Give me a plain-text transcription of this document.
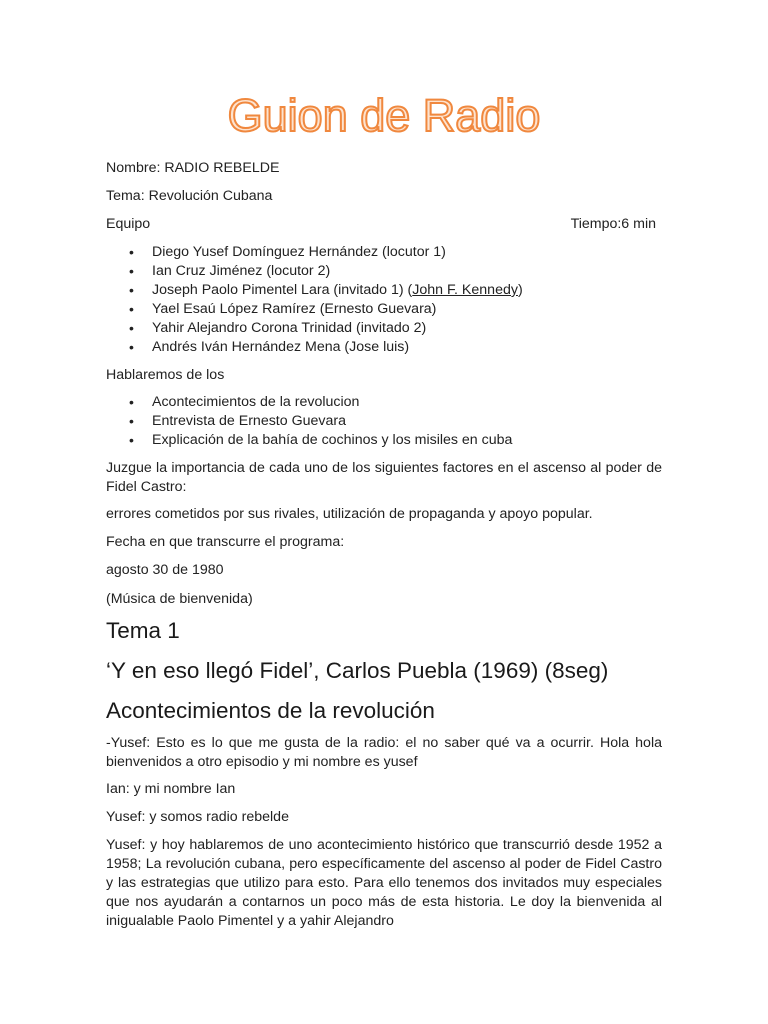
Guion de Radio

Nombre: RADIO REBELDE

Tema: Revolución Cubana

Equipo	Tiempo:6 min
• Diego Yusef Domínguez Hernández (locutor 1)
• Ian Cruz Jiménez (locutor 2)
• Joseph Paolo Pimentel Lara (invitado 1) (John F. Kennedy)
• Yael Esaú López Ramírez (Ernesto Guevara)
• Yahir Alejandro Corona Trinidad (invitado 2)
• Andrés Iván Hernández Mena (Jose luis)

Hablaremos de los

• Acontecimientos de la revolucion
• Entrevista de Ernesto Guevara
• Explicación de la bahía de cochinos y los misiles en cuba

Juzgue la importancia de cada uno de los siguientes factores en el ascenso al poder de Fidel Castro:

errores cometidos por sus rivales, utilización de propaganda y apoyo popular.

Fecha en que transcurre el programa:

agosto 30 de 1980

(Música de bienvenida)

Tema 1
‘Y en eso llegó Fidel’, Carlos Puebla (1969) (8seg)
Acontecimientos de la revolución

-Yusef: Esto es lo que me gusta de la radio: el no saber qué va a ocurrir. Hola hola bienvenidos a otro episodio y mi nombre es yusef

Ian: y mi nombre Ian

Yusef: y somos radio rebelde

Yusef: y hoy hablaremos de uno acontecimiento histórico que transcurrió desde 1952 a 1958; La revolución cubana, pero específicamente del ascenso al poder de Fidel Castro y las estrategias que utilizo para esto. Para ello tenemos dos invitados muy especiales que nos ayudarán a contarnos un poco más de esta historia. Le doy la bienvenida al inigualable Paolo Pimentel y a yahir Alejandro
